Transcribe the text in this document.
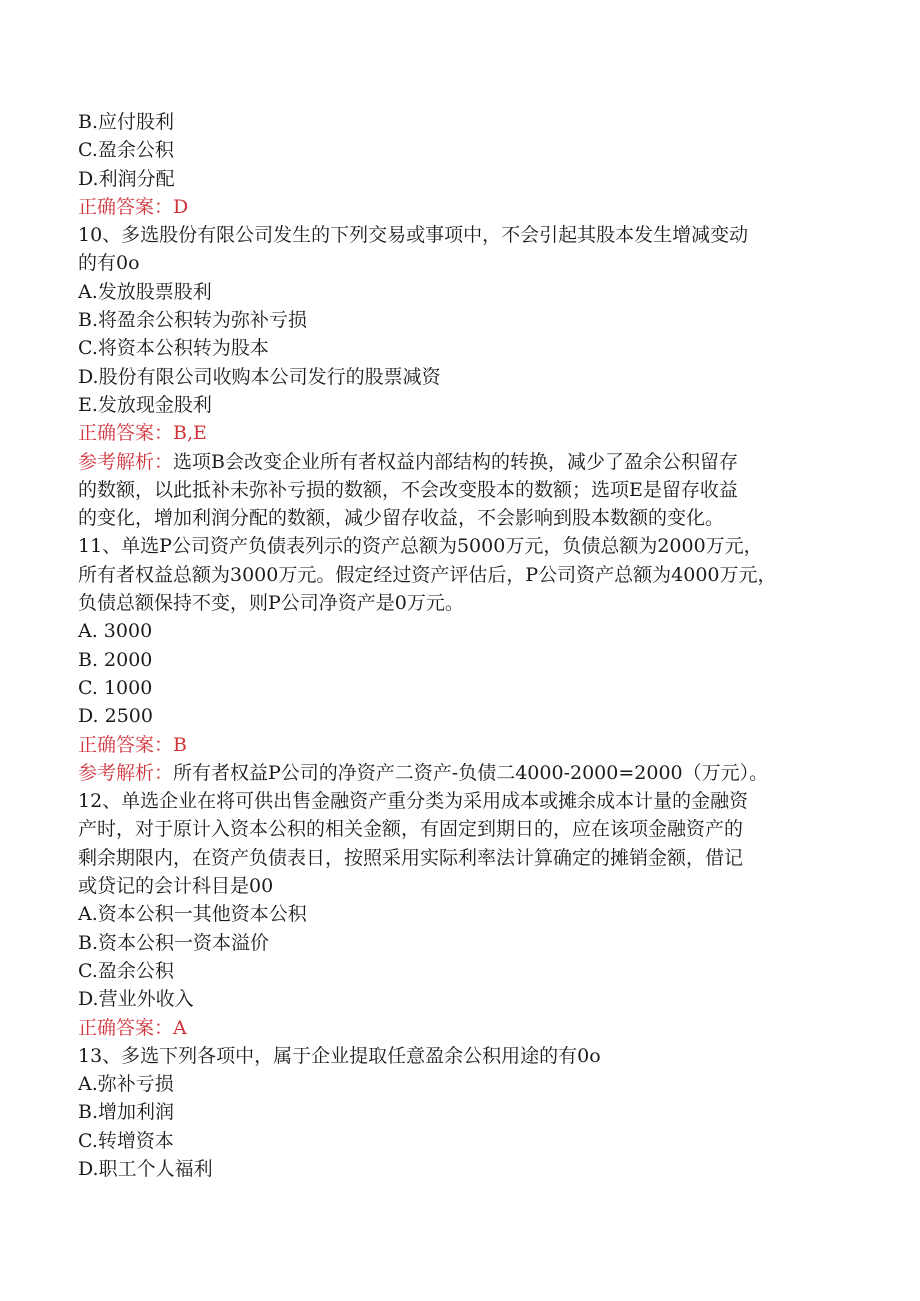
B.应付股利
C.盈余公积
D.利润分配
正确答案：D
10、多选股份有限公司发生的下列交易或事项中，不会引起其股本发生增减变动
的有0o
A.发放股票股利
B.将盈余公积转为弥补亏损
C.将资本公积转为股本
D.股份有限公司收购本公司发行的股票减资
E.发放现金股利
正确答案：B,E
参考解析：选项B会改变企业所有者权益内部结构的转换，减少了盈余公积留存
的数额，以此抵补未弥补亏损的数额，不会改变股本的数额；选项E是留存收益
的变化，增加利润分配的数额，减少留存收益，不会影响到股本数额的变化。
11、单选P公司资产负债表列示的资产总额为5000万元，负债总额为2000万元，
所有者权益总额为3000万元。假定经过资产评估后，P公司资产总额为4000万元，
负债总额保持不变，则P公司净资产是0万元。
A. 3000
B. 2000
C. 1000
D. 2500
正确答案：B
参考解析：所有者权益P公司的净资产二资产-负债二4000-2000=2000（万元）。
12、单选企业在将可供出售金融资产重分类为采用成本或摊余成本计量的金融资
产时，对于原计入资本公积的相关金额，有固定到期日的，应在该项金融资产的
剩余期限内，在资产负债表日，按照采用实际利率法计算确定的摊销金额，借记
或贷记的会计科目是00
A.资本公积一其他资本公积
B.资本公积一资本溢价
C.盈余公积
D.营业外收入
正确答案：A
13、多选下列各项中，属于企业提取任意盈余公积用途的有0o
A.弥补亏损
B.增加利润
C.转增资本
D.职工个人福利
